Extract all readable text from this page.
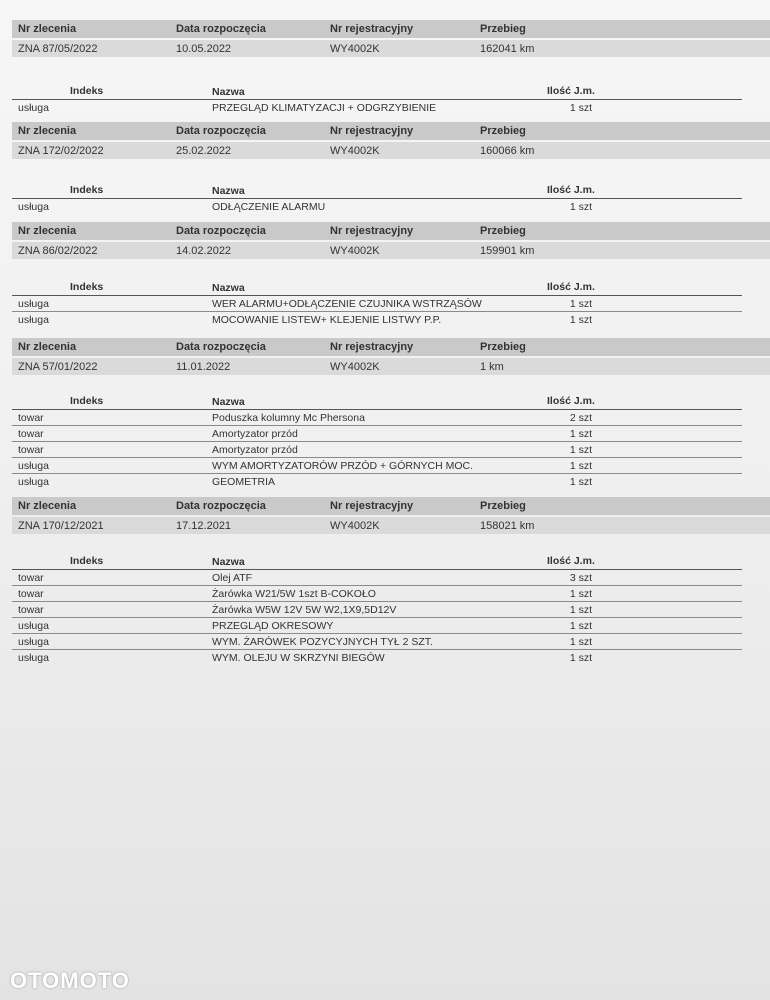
Nr zlecenia	Data rozpoczęcia	Nr rejestracyjny	Przebieg
ZNA 87/05/2022	10.05.2022	WY4002K	162041 km
Indeks	Nazwa	Ilość J.m.
usługa	PRZEGLĄD KLIMATYZACJI + ODGRZYBIENIE	1 szt
Nr zlecenia	Data rozpoczęcia	Nr rejestracyjny	Przebieg
ZNA 172/02/2022	25.02.2022	WY4002K	160066 km
Indeks	Nazwa	Ilość J.m.
usługa	ODŁĄCZENIE ALARMU	1 szt
Nr zlecenia	Data rozpoczęcia	Nr rejestracyjny	Przebieg
ZNA 86/02/2022	14.02.2022	WY4002K	159901 km
Indeks	Nazwa	Ilość J.m.
usługa	WER ALARMU+ODŁĄCZENIE CZUJNIKA WSTRZĄSÓW	1 szt
usługa	MOCOWANIE LISTEW+ KLEJENIE LISTWY P.P.	1 szt
Nr zlecenia	Data rozpoczęcia	Nr rejestracyjny	Przebieg
ZNA 57/01/2022	11.01.2022	WY4002K	1 km
Indeks	Nazwa	Ilość J.m.
towar	Poduszka kolumny Mc Phersona	2 szt
towar	Amortyzator przód	1 szt
towar	Amortyzator przód	1 szt
usługa	WYM AMORTYZATORÓW PRZÓD + GÓRNYCH MOC.	1 szt
usługa	GEOMETRIA	1 szt
Nr zlecenia	Data rozpoczęcia	Nr rejestracyjny	Przebieg
ZNA 170/12/2021	17.12.2021	WY4002K	158021 km
Indeks	Nazwa	Ilość J.m.
towar	Olej ATF	3 szt
towar	Żarówka W21/5W 1szt B-COKOŁO	1 szt
towar	Żarówka W5W 12V 5W W2,1X9,5D12V	1 szt
usługa	PRZEGLĄD OKRESOWY	1 szt
usługa	WYM. ŻARÓWEK POZYCYJNYCH TYŁ 2 SZT.	1 szt
usługa	WYM. OLEJU W SKRZYNI BIEGÓW	1 szt
OTOMOTO
